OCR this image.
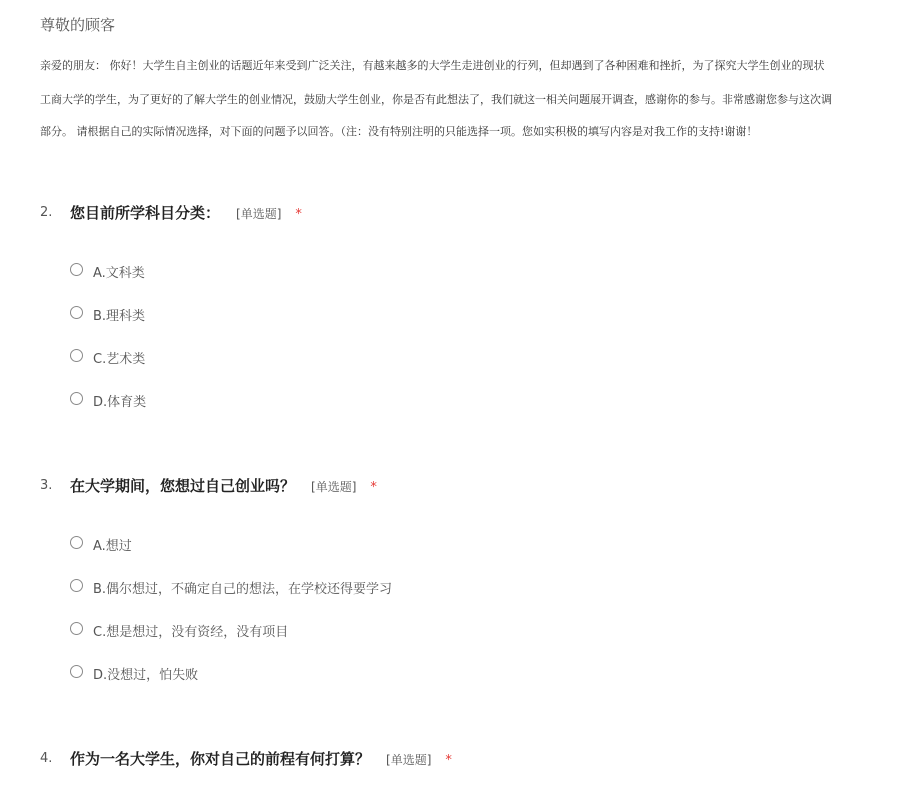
尊敬的顾客
亲爱的朋友： 你好！大学生自主创业的话题近年来受到广泛关注，有越来越多的大学生走进创业的行列，但却遇到了各种困难和挫折，为了探究大学生创业的现状
工商大学的学生，为了更好的了解大学生的创业情况，鼓励大学生创业，你是否有此想法了，我们就这一相关问题展开调查，感谢你的参与。非常感谢您参与这次调
部分。 请根据自己的实际情况选择，对下面的问题予以回答。（注：没有特别注明的只能选择一项。您如实积极的填写内容是对我工作的支持!谢谢！
2. 您目前所学科目分类： [单选题] *
A.文科类
B.理科类
C.艺术类
D.体育类
3. 在大学期间，您想过自己创业吗？ [单选题] *
A.想过
B.偶尔想过，不确定自己的想法，在学校还得要学习
C.想是想过，没有资经，没有项目
D.没想过，怕失败
4. 作为一名大学生，你对自己的前程有何打算？ [单选题] *
